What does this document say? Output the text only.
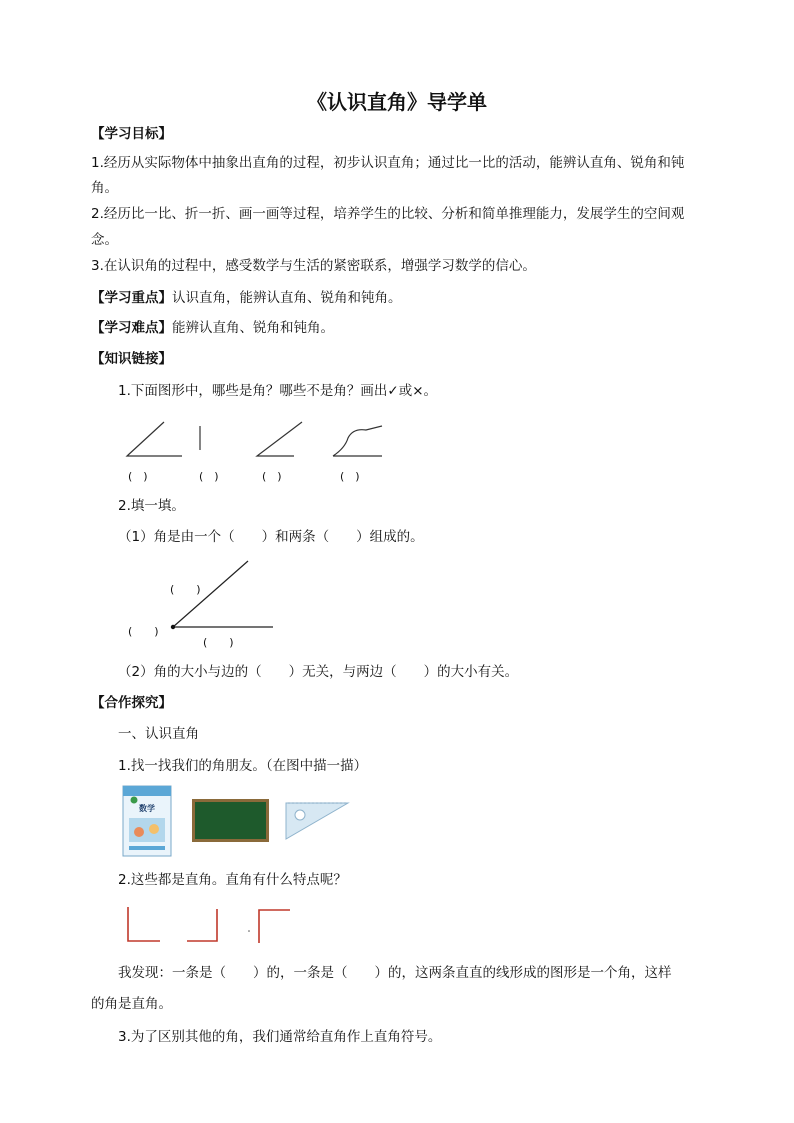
《认识直角》导学单
【学习目标】
1.经历从实际物体中抽象出直角的过程，初步认识直角；通过比一比的活动，能辨认直角、锐角和钝
角。
2.经历比一比、折一折、画一画等过程，培养学生的比较、分析和简单推理能力，发展学生的空间观
念。
3.在认识角的过程中，感受数学与生活的紧密联系，增强学习数学的信心。
【学习重点】认识直角，能辨认直角、锐角和钝角。
【学习难点】能辨认直角、锐角和钝角。
【知识链接】
1.下面图形中，哪些是角？哪些不是角？画出✓或×。
(　)	(　)	(　)	(　)
2.填一填。
（1）角是由一个（　　）和两条（　　）组成的。
(　　)
(　　)
(　　)
（2）角的大小与边的（　　）无关，与两边（　　）的大小有关。
【合作探究】
一、认识直角
1.找一找我们的角朋友。（在图中描一描）
数学
2.这些都是直角。直角有什么特点呢？
我发现：一条是（　　）的，一条是（　　）的，这两条直直的线形成的图形是一个角，这样
的角是直角。
3.为了区别其他的角，我们通常给直角作上直角符号。
